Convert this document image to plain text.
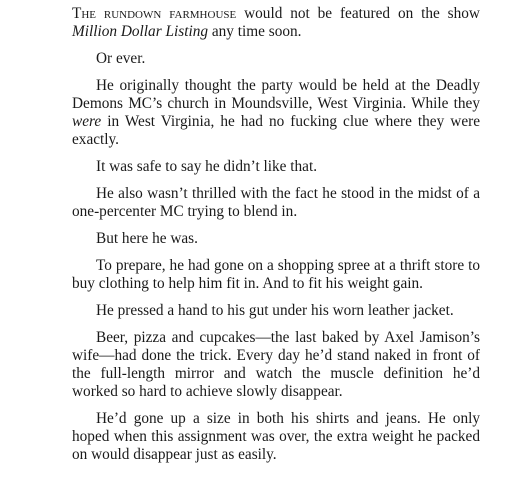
The rundown farmhouse would not be featured on the show Million Dollar Listing any time soon.

Or ever.

He originally thought the party would be held at the Deadly Demons MC’s church in Moundsville, West Virginia. While they were in West Virginia, he had no fucking clue where they were exactly.

It was safe to say he didn’t like that.

He also wasn’t thrilled with the fact he stood in the midst of a one-percenter MC trying to blend in.

But here he was.

To prepare, he had gone on a shopping spree at a thrift store to buy clothing to help him fit in. And to fit his weight gain.

He pressed a hand to his gut under his worn leather jacket.

Beer, pizza and cupcakes—the last baked by Axel Jamison’s wife—had done the trick. Every day he’d stand naked in front of the full-length mirror and watch the muscle definition he’d worked so hard to achieve slowly disappear.

He’d gone up a size in both his shirts and jeans. He only hoped when this assignment was over, the extra weight he packed on would disappear just as easily.
